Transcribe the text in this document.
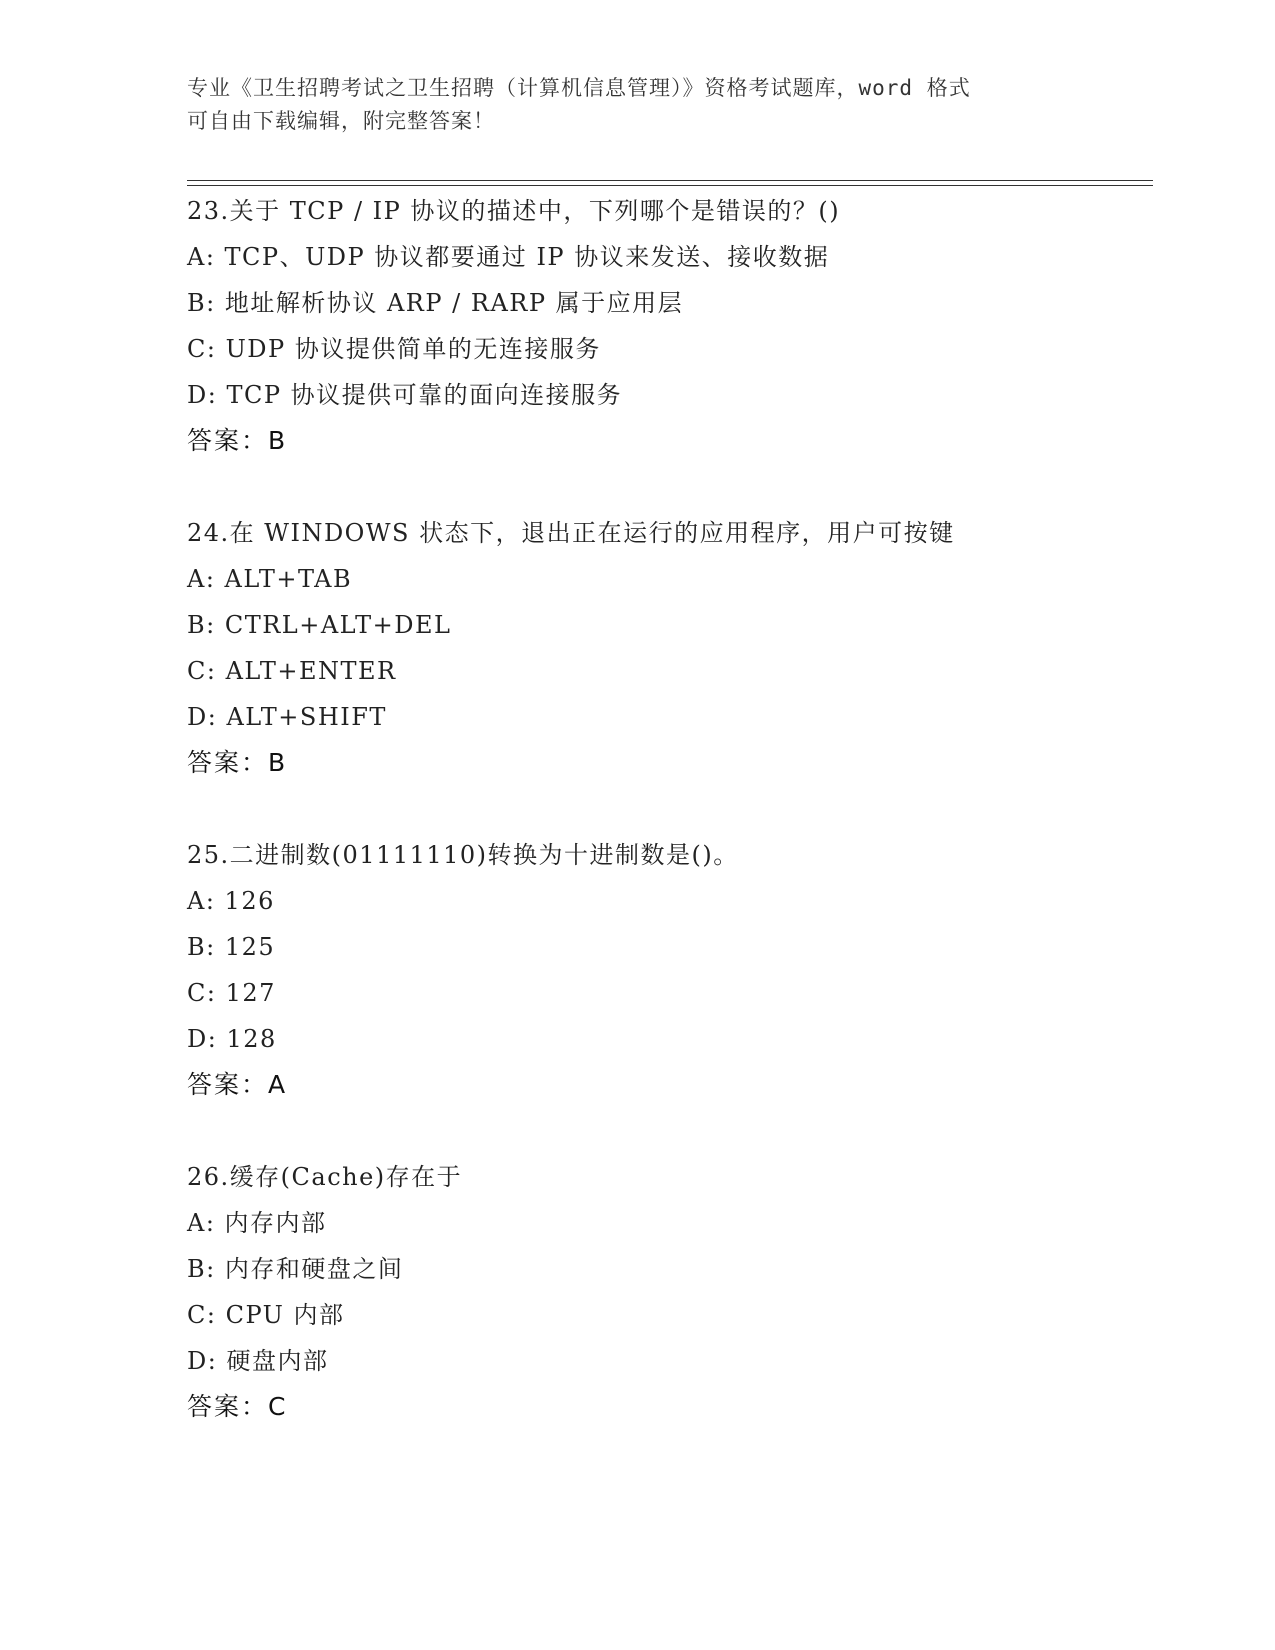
专业《卫生招聘考试之卫生招聘（计算机信息管理）》资格考试题库，word 格式
可自由下载编辑，附完整答案！
23.关于 TCP / IP 协议的描述中，下列哪个是错误的？()
A: TCP、UDP 协议都要通过 IP 协议来发送、接收数据
B: 地址解析协议 ARP / RARP 属于应用层
C: UDP 协议提供简单的无连接服务
D: TCP 协议提供可靠的面向连接服务
答案：B
24.在 WINDOWS 状态下，退出正在运行的应用程序，用户可按键
A: ALT+TAB
B: CTRL+ALT+DEL
C: ALT+ENTER
D: ALT+SHIFT
答案：B
25.二进制数(01111110)转换为十进制数是()。
A: 126
B: 125
C: 127
D: 128
答案：A
26.缓存(Cache)存在于
A: 内存内部
B: 内存和硬盘之间
C: CPU 内部
D: 硬盘内部
答案：C
